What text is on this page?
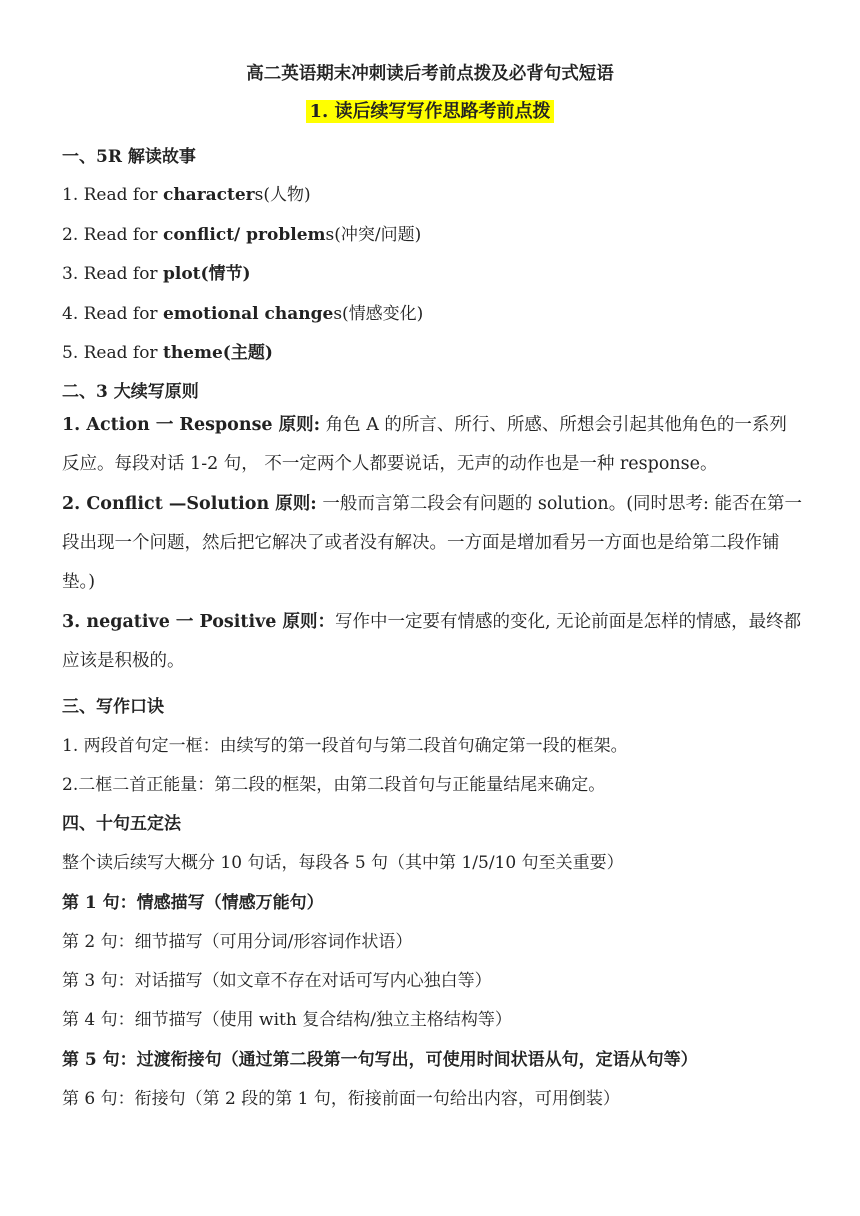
高二英语期末冲刺读后考前点拨及必背句式短语
1. 读后续写写作思路考前点拨
一、5R 解读故事
1. Read for characters(人物)
2. Read for conflict/ problems(冲突/问题)
3. Read for plot(情节)
4. Read for emotional changes(情感变化)
5. Read for theme(主题)
二、3 大续写原则
1. Action 一 Response 原则: 角色 A 的所言、所行、所感、所想会引起其他角色的一系列反应。每段对话 1-2 句， 不一定两个人都要说话，无声的动作也是一种 response。
2. Conflict —Solution 原则: 一般而言第二段会有问题的 solution。(同时思考: 能否在第一段出现一个问题，然后把它解决了或者没有解决。一方面是增加看另一方面也是给第二段作铺垫。)
3. negative 一 Positive 原则：写作中一定要有情感的变化, 无论前面是怎样的情感，最终都应该是积极的。
三、写作口诀
1. 两段首句定一框：由续写的第一段首句与第二段首句确定第一段的框架。
2.二框二首正能量：第二段的框架，由第二段首句与正能量结尾来确定。
四、十句五定法
整个读后续写大概分 10 句话，每段各 5 句（其中第 1/5/10 句至关重要）
第 1 句：情感描写（情感万能句）
第 2 句：细节描写（可用分词/形容词作状语）
第 3 句：对话描写（如文章不存在对话可写内心独白等）
第 4 句：细节描写（使用 with 复合结构/独立主格结构等）
第 5 句：过渡衔接句（通过第二段第一句写出，可使用时间状语从句，定语从句等）
第 6 句：衔接句（第 2 段的第 1 句，衔接前面一句给出内容，可用倒装）
